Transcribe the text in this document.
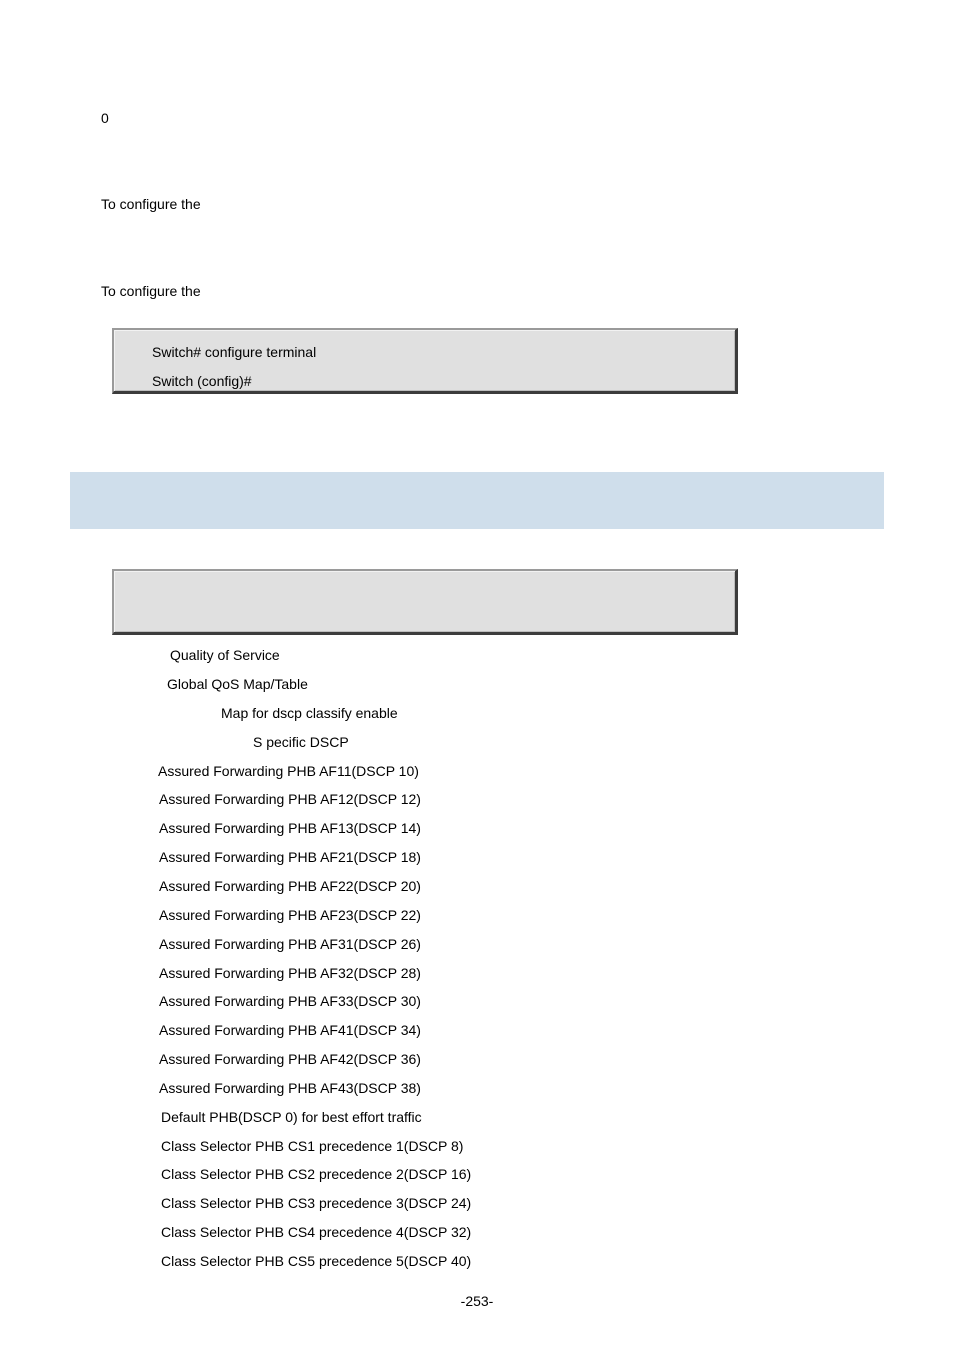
0
To configure the
To configure the
Switch# configure terminal
Switch (config)#
Quality of Service
Global QoS Map/Table
Map for dscp classify enable
S pecific DSCP
Assured Forwarding PHB AF11(DSCP 10)
Assured Forwarding PHB AF12(DSCP 12)
Assured Forwarding PHB AF13(DSCP 14)
Assured Forwarding PHB AF21(DSCP 18)
Assured Forwarding PHB AF22(DSCP 20)
Assured Forwarding PHB AF23(DSCP 22)
Assured Forwarding PHB AF31(DSCP 26)
Assured Forwarding PHB AF32(DSCP 28)
Assured Forwarding PHB AF33(DSCP 30)
Assured Forwarding PHB AF41(DSCP 34)
Assured Forwarding PHB AF42(DSCP 36)
Assured Forwarding PHB AF43(DSCP 38)
Default PHB(DSCP 0) for best effort traffic
Class Selector PHB CS1 precedence 1(DSCP 8)
Class Selector PHB CS2 precedence 2(DSCP 16)
Class Selector PHB CS3 precedence 3(DSCP 24)
Class Selector PHB CS4 precedence 4(DSCP 32)
Class Selector PHB CS5 precedence 5(DSCP 40)
-253-
